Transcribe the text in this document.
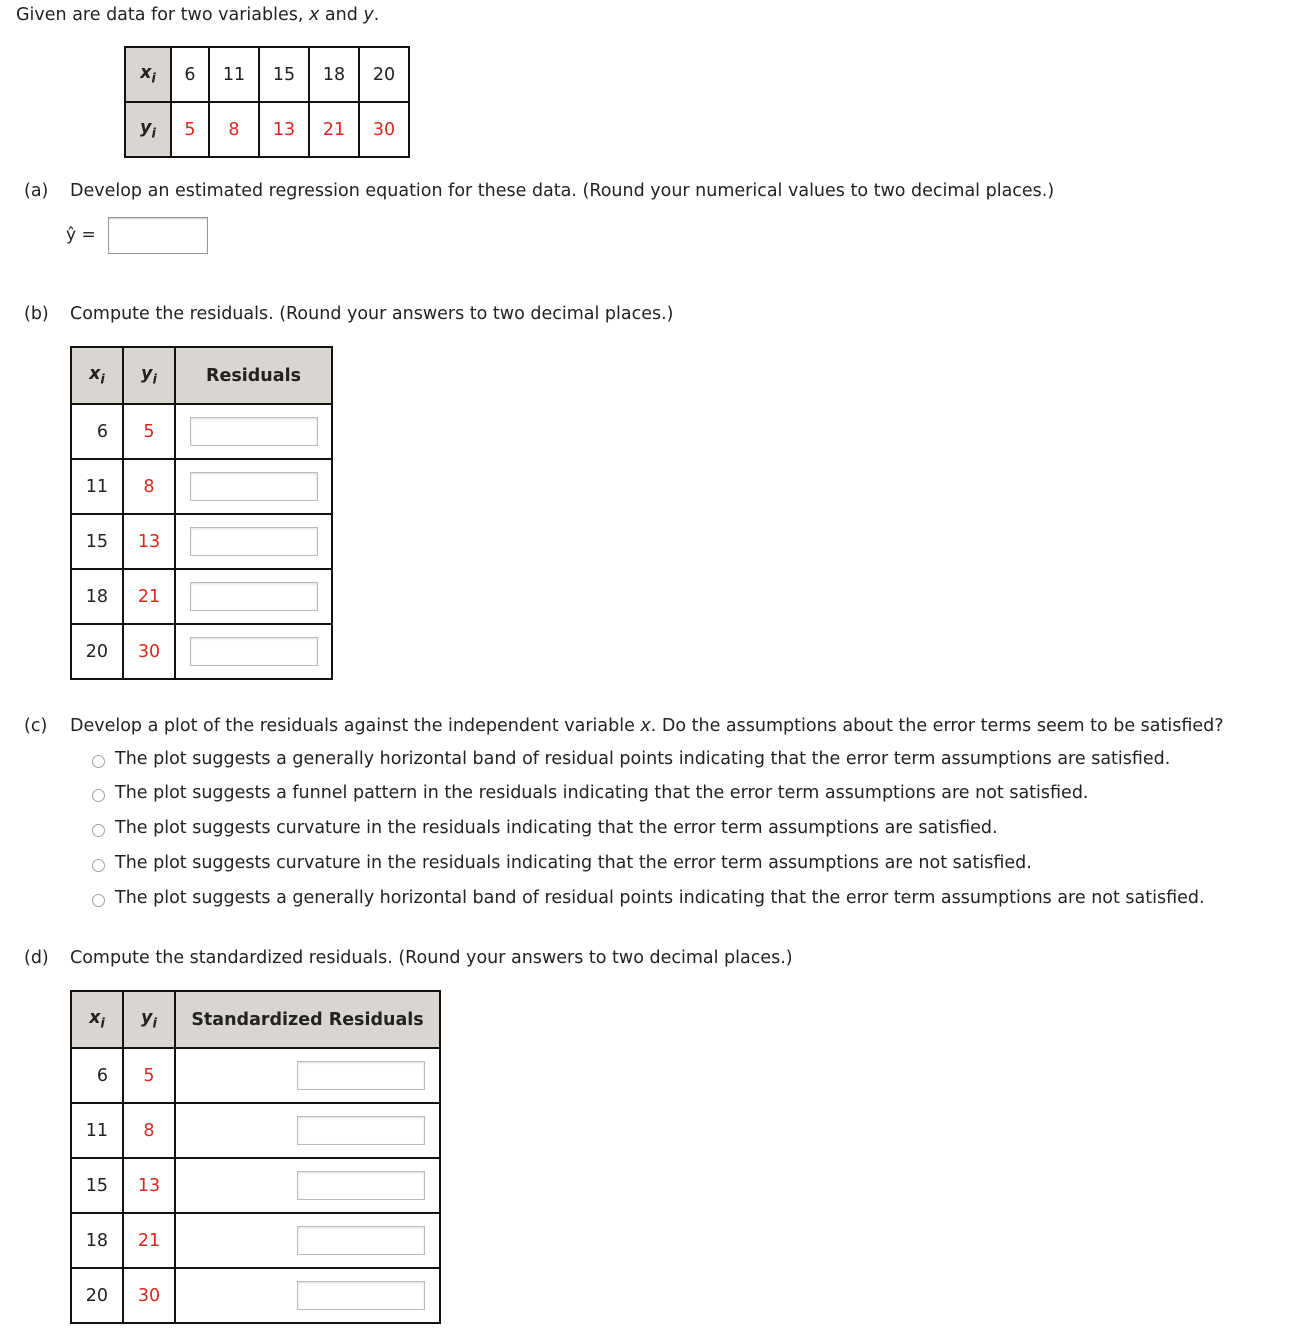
Given are data for two variables, x and y.
$x_i$	6	11	15	18	20
$y_i$	5	8	13	21	30
(a) Develop an estimated regression equation for these data. (Round your numerical values to two decimal places.)
ŷ =
(b) Compute the residuals. (Round your answers to two decimal places.)
$x_i$	$y_i$	Residuals
6	5	
11	8	
15	13	
18	21	
20	30	
(c) Develop a plot of the residuals against the independent variable x. Do the assumptions about the error terms seem to be satisfied?
The plot suggests a generally horizontal band of residual points indicating that the error term assumptions are satisfied.
The plot suggests a funnel pattern in the residuals indicating that the error term assumptions are not satisfied.
The plot suggests curvature in the residuals indicating that the error term assumptions are satisfied.
The plot suggests curvature in the residuals indicating that the error term assumptions are not satisfied.
The plot suggests a generally horizontal band of residual points indicating that the error term assumptions are not satisfied.
(d) Compute the standardized residuals. (Round your answers to two decimal places.)
$x_i$	$y_i$	Standardized Residuals
6	5	
11	8	
15	13	
18	21	
20	30	
